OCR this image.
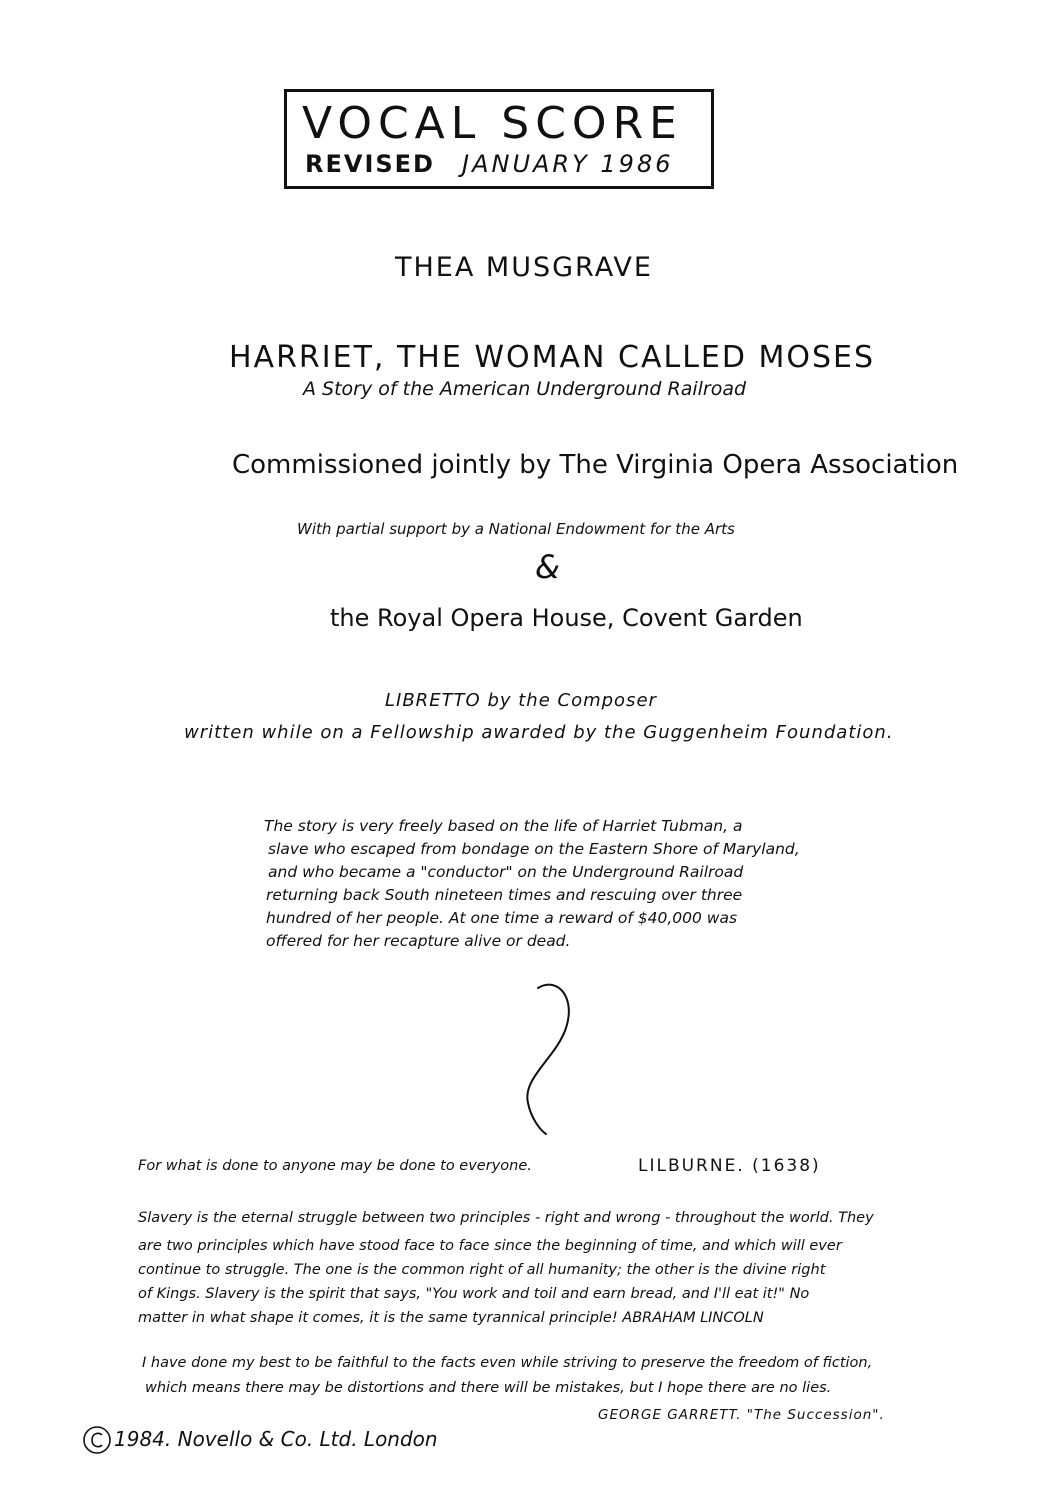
VOCAL SCORE
REVISED JANUARY 1986
THEA MUSGRAVE
HARRIET, THE WOMAN CALLED MOSES
A Story of the American Underground Railroad
Commissioned jointly by The Virginia Opera Association
With partial support by a National Endowment for the Arts
&
the Royal Opera House, Covent Garden
LIBRETTO by the Composer
written while on a Fellowship awarded by the Guggenheim Foundation.
The story is very freely based on the life of Harriet Tubman, a
slave who escaped from bondage on the Eastern Shore of Maryland,
and who became a "conductor" on the Underground Railroad
returning back South nineteen times and rescuing over three
hundred of her people. At one time a reward of $40,000 was
offered for her recapture alive or dead.
For what is done to anyone may be done to everyone.	LILBURNE. (1638)
Slavery is the eternal struggle between two principles - right and wrong - throughout the world. They
are two principles which have stood face to face since the beginning of time, and which will ever
continue to struggle. The one is the common right of all humanity; the other is the divine right
of Kings. Slavery is the spirit that says, "You work and toil and earn bread, and I'll eat it!" No
matter in what shape it comes, it is the same tyrannical principle! ABRAHAM LINCOLN
I have done my best to be faithful to the facts even while striving to preserve the freedom of fiction,
which means there may be distortions and there will be mistakes, but I hope there are no lies.
GEORGE GARRETT. "The Succession".
1984. Novello & Co. Ltd. London
